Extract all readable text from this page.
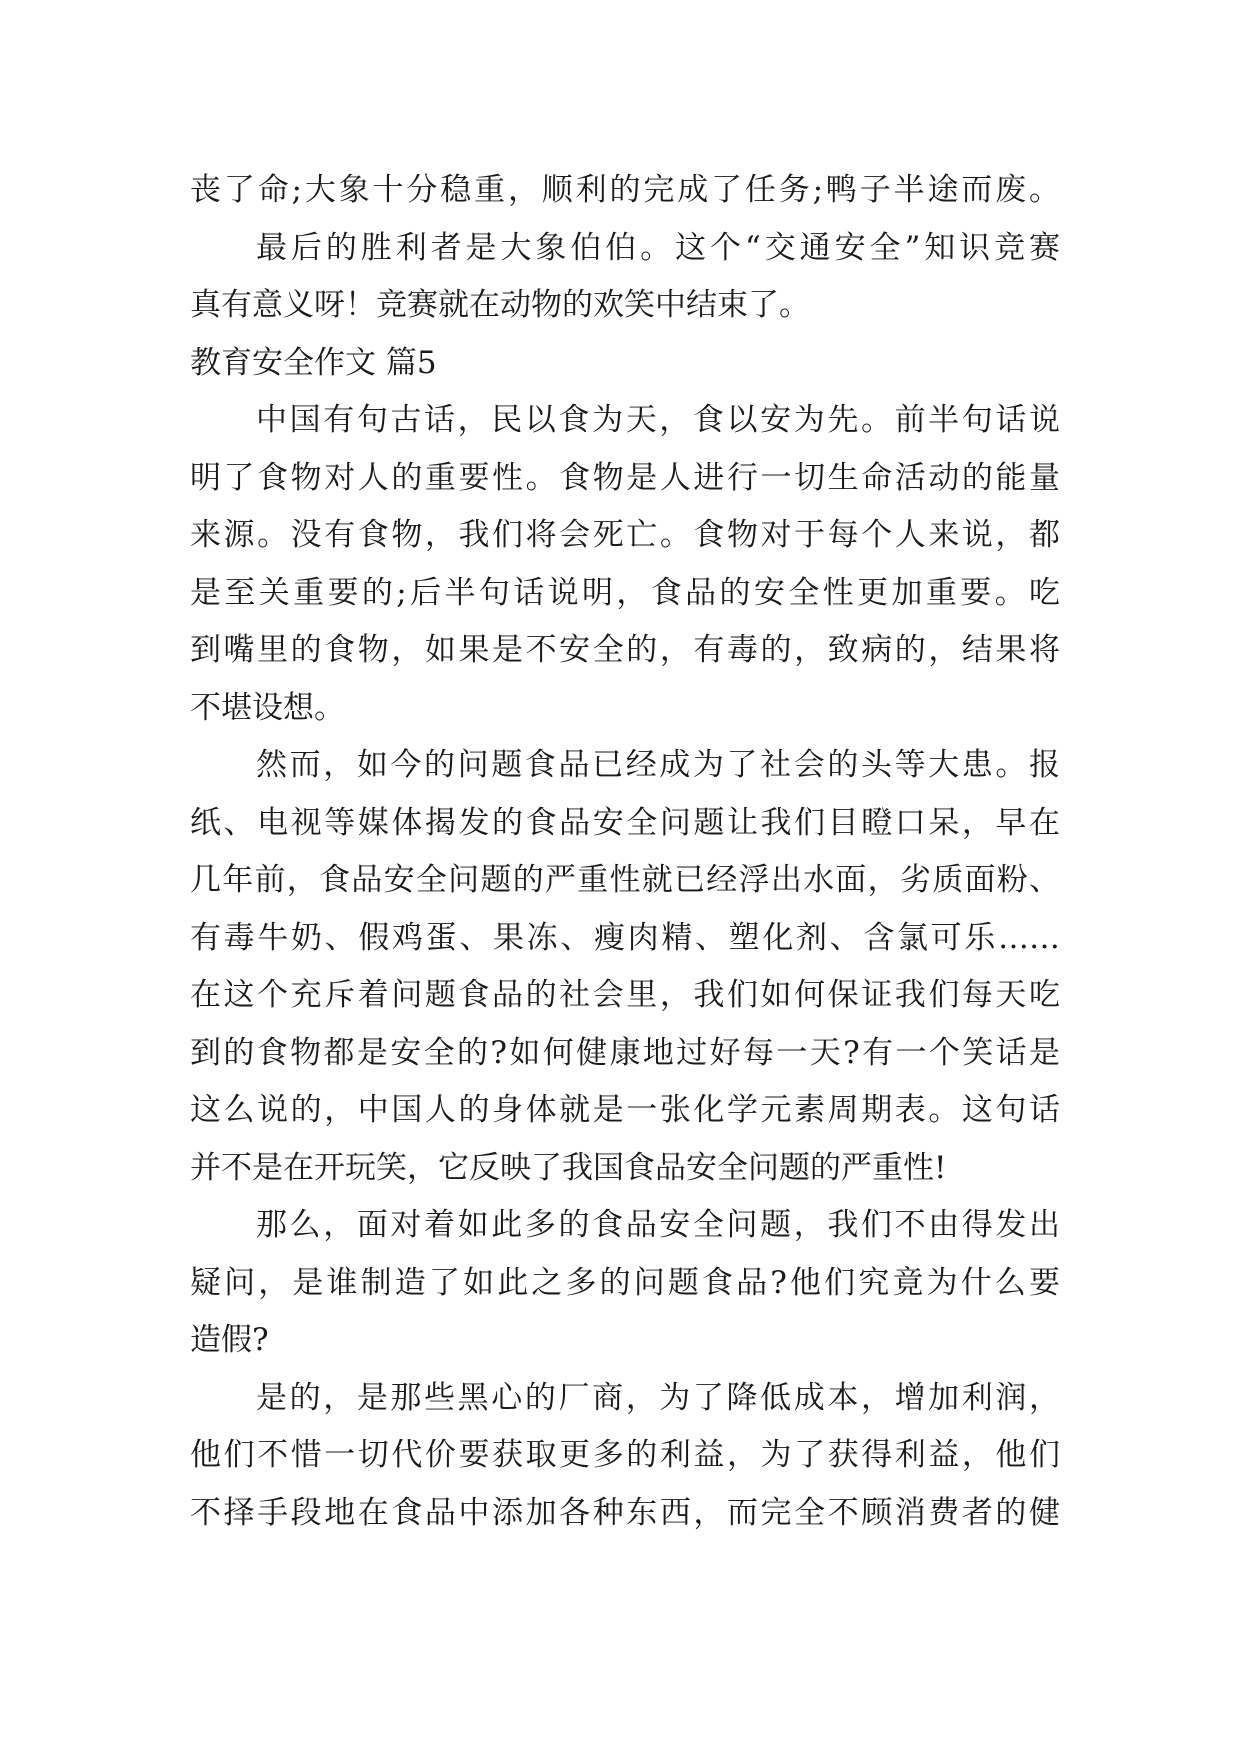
丧了命;大象十分稳重，顺利的完成了任务;鸭子半途而废。
最后的胜利者是大象伯伯。这个“交通安全”知识竞赛
真有意义呀！竞赛就在动物的欢笑中结束了。
教育安全作文 篇5
中国有句古话，民以食为天，食以安为先。前半句话说
明了食物对人的重要性。食物是人进行一切生命活动的能量
来源。没有食物，我们将会死亡。食物对于每个人来说，都
是至关重要的;后半句话说明，食品的安全性更加重要。吃
到嘴里的食物，如果是不安全的，有毒的，致病的，结果将
不堪设想。
然而，如今的问题食品已经成为了社会的头等大患。报
纸、电视等媒体揭发的食品安全问题让我们目瞪口呆，早在
几年前，食品安全问题的严重性就已经浮出水面，劣质面粉、
有毒牛奶、假鸡蛋、果冻、瘦肉精、塑化剂、含氯可乐……
在这个充斥着问题食品的社会里，我们如何保证我们每天吃
到的食物都是安全的?如何健康地过好每一天?有一个笑话是
这么说的，中国人的身体就是一张化学元素周期表。这句话
并不是在开玩笑，它反映了我国食品安全问题的严重性!
那么，面对着如此多的食品安全问题，我们不由得发出
疑问，是谁制造了如此之多的问题食品?他们究竟为什么要
造假?
是的，是那些黑心的厂商，为了降低成本，增加利润，
他们不惜一切代价要获取更多的利益，为了获得利益，他们
不择手段地在食品中添加各种东西，而完全不顾消费者的健
